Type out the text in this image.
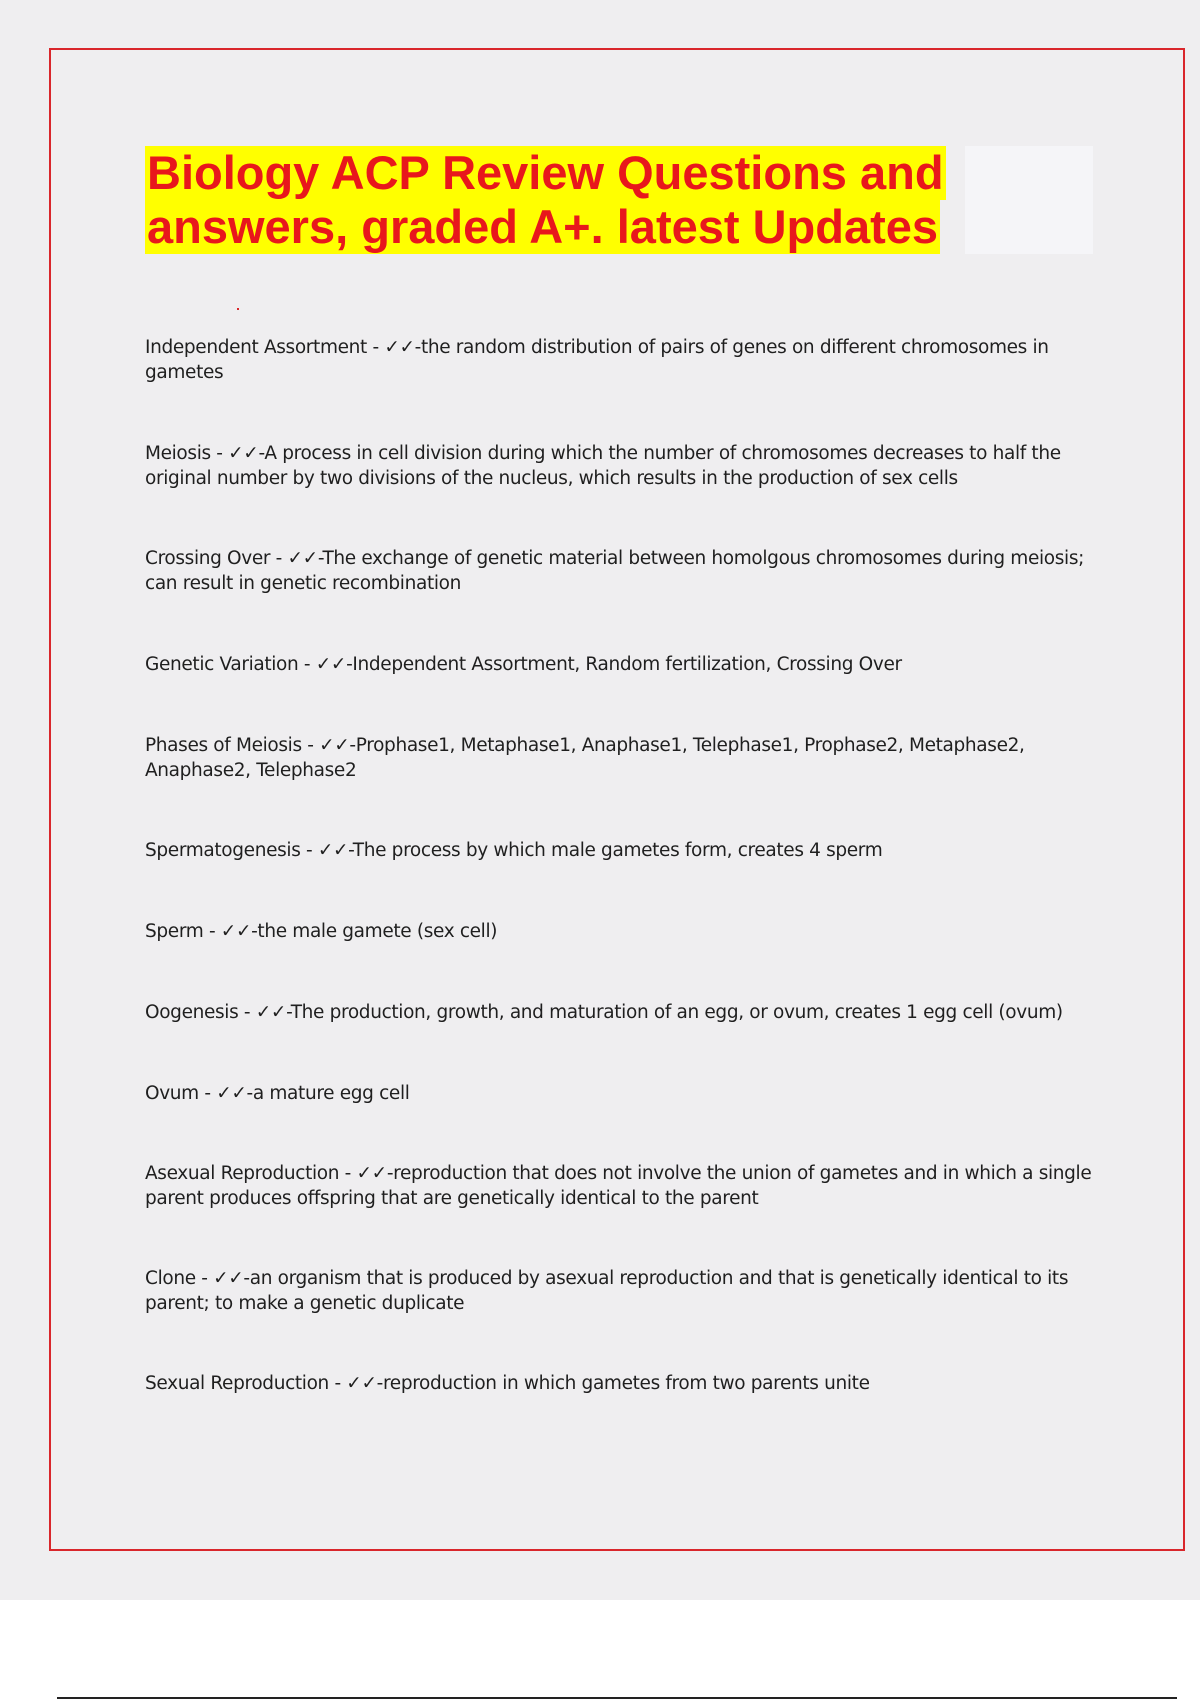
Biology ACP Review Questions and
answers, graded A+. latest Updates
Independent Assortment - ✓✓-the random distribution of pairs of genes on different chromosomes in gametes
Meiosis - ✓✓-A process in cell division during which the number of chromosomes decreases to half the original number by two divisions of the nucleus, which results in the production of sex cells
Crossing Over - ✓✓-The exchange of genetic material between homolgous chromosomes during meiosis; can result in genetic recombination
Genetic Variation - ✓✓-Independent Assortment, Random fertilization, Crossing Over
Phases of Meiosis - ✓✓-Prophase1, Metaphase1, Anaphase1, Telephase1, Prophase2, Metaphase2, Anaphase2, Telephase2
Spermatogenesis - ✓✓-The process by which male gametes form, creates 4 sperm
Sperm - ✓✓-the male gamete (sex cell)
Oogenesis - ✓✓-The production, growth, and maturation of an egg, or ovum, creates 1 egg cell (ovum)
Ovum - ✓✓-a mature egg cell
Asexual Reproduction - ✓✓-reproduction that does not involve the union of gametes and in which a single parent produces offspring that are genetically identical to the parent
Clone - ✓✓-an organism that is produced by asexual reproduction and that is genetically identical to its parent; to make a genetic duplicate
Sexual Reproduction - ✓✓-reproduction in which gametes from two parents unite
